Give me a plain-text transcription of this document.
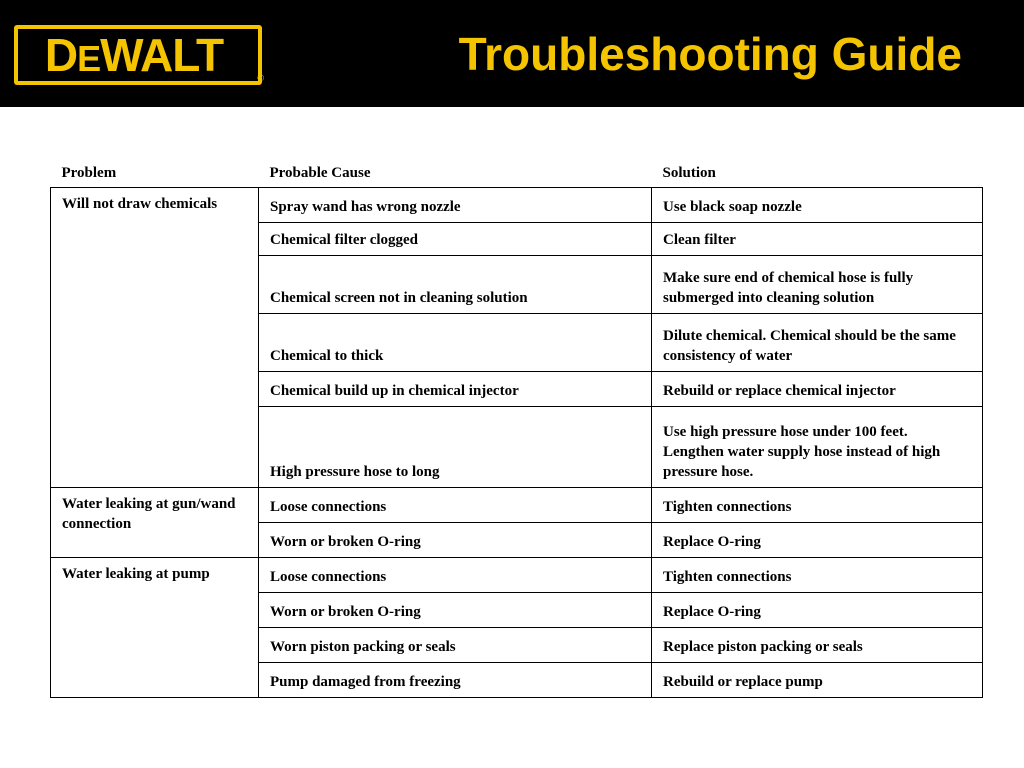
DEWALT	®	Troubleshooting Guide
Problem	Probable Cause	Solution
Will not draw chemicals	Spray wand has wrong nozzle	Use black soap nozzle
	Chemical filter clogged	Clean filter
	Chemical screen not in cleaning solution	Make sure end of chemical hose is fully submerged into cleaning solution
	Chemical to thick	Dilute chemical. Chemical should be the same consistency of water
	Chemical build up in chemical injector	Rebuild or replace chemical injector
	High pressure hose to long	Use high pressure hose under 100 feet. Lengthen water supply hose instead of high pressure hose.
Water leaking at gun/wand connection	Loose connections	Tighten connections
	Worn or broken O-ring	Replace O-ring
Water leaking at pump	Loose connections	Tighten connections
	Worn or broken O-ring	Replace O-ring
	Worn piston packing or seals	Replace piston packing or seals
	Pump damaged from freezing	Rebuild or replace pump
